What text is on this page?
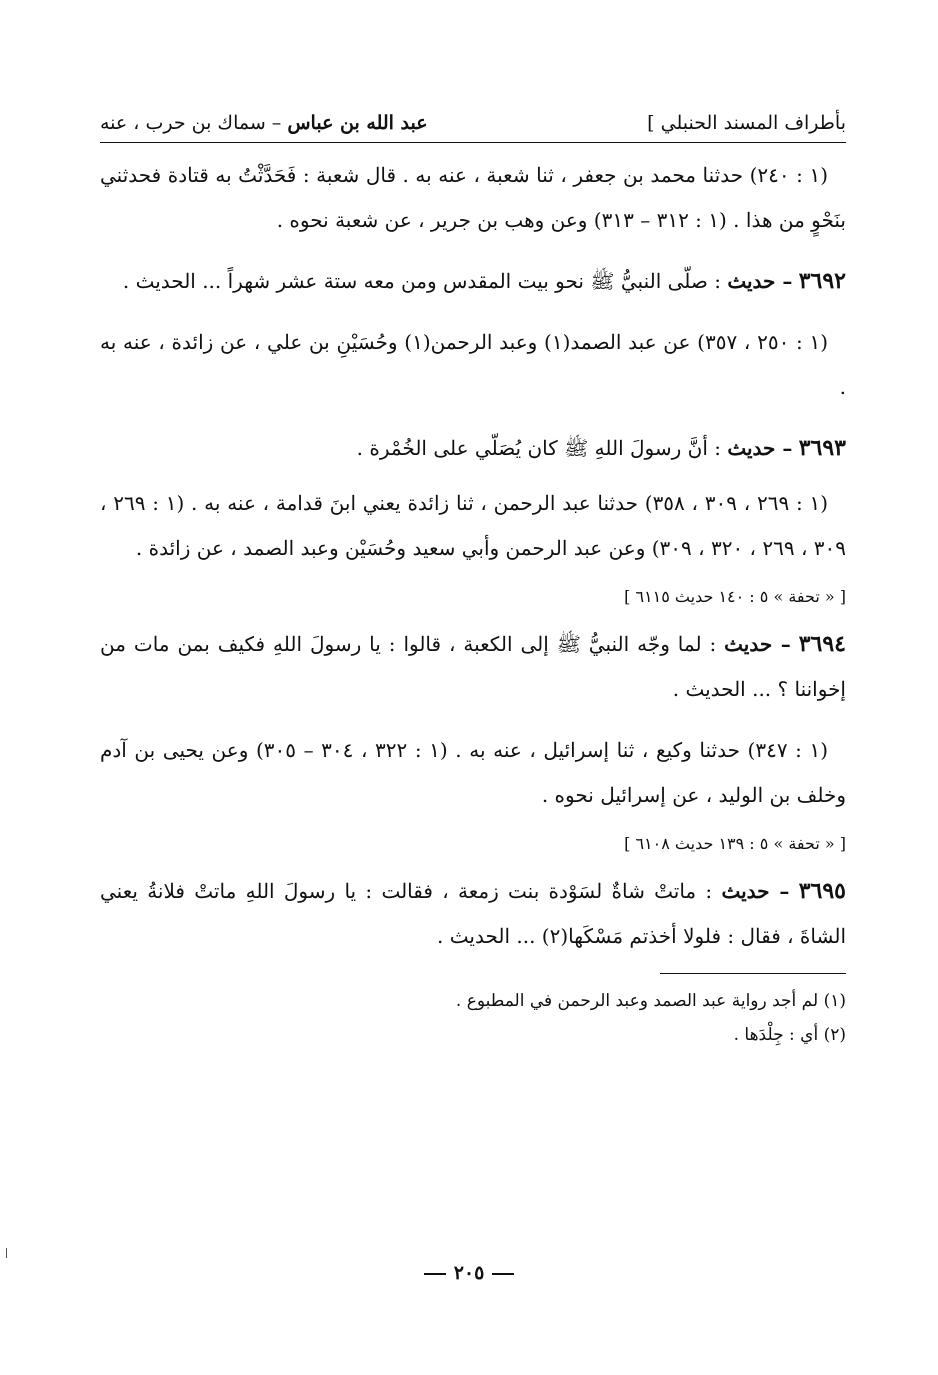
بأطراف المسند الحنبلي ]
عبد الله بن عباس – سماك بن حرب ، عنه

(١ : ٢٤٠) حدثنا محمد بن جعفر ، ثنا شعبة ، عنه به . قال شعبة : فَحَدَّثْتُ به قتادة فحدثني بنَحْوٍ من هذا . (١ : ٣١٢ – ٣١٣) وعن وهب بن جرير ، عن شعبة نحوه .

٣٦٩٢ – حديث : صلّى النبيُّ ﷺ نحو بيت المقدس ومن معه ستة عشر شهراً ... الحديث .

(١ : ٢٥٠ ، ٣٥٧) عن عبد الصمد(١) وعبد الرحمن(١) وحُسَيْنِ بن علي ، عن زائدة ، عنه به .

٣٦٩٣ – حديث : أنَّ رسولَ اللهِ ﷺ كان يُصَلّي على الخُمْرة .

(١ : ٢٦٩ ، ٣٠٩ ، ٣٥٨) حدثنا عبد الرحمن ، ثنا زائدة يعني ابنَ قدامة ، عنه به . (١ : ٢٦٩ ، ٣٠٩ ، ٢٦٩ ، ٣٢٠ ، ٣٠٩) وعن عبد الرحمن وأبي سعيد وحُسَيْن وعبد الصمد ، عن زائدة .

[ « تحفة » ٥ : ١٤٠ حديث ٦١١٥ ]

٣٦٩٤ – حديث : لما وجّه النبيُّ ﷺ إلى الكعبة ، قالوا : يا رسولَ اللهِ فكيف بمن مات من إخواننا ؟ ... الحديث .

(١ : ٣٤٧) حدثنا وكيع ، ثنا إسرائيل ، عنه به . (١ : ٣٢٢ ، ٣٠٤ – ٣٠٥) وعن يحيى بن آدم وخلف بن الوليد ، عن إسرائيل نحوه .

[ « تحفة » ٥ : ١٣٩ حديث ٦١٠٨ ]

٣٦٩٥ – حديث : ماتتْ شاةٌ لسَوْدة بنت زمعة ، فقالت : يا رسولَ اللهِ ماتتْ فلانةُ يعني الشاةَ ، فقال : فلولا أخذتم مَسْكَها(٢) ... الحديث .

(١) لم أجد رواية عبد الصمد وعبد الرحمن في المطبوع .

(٢) أي : جِلْدَها .

٢٠٥
